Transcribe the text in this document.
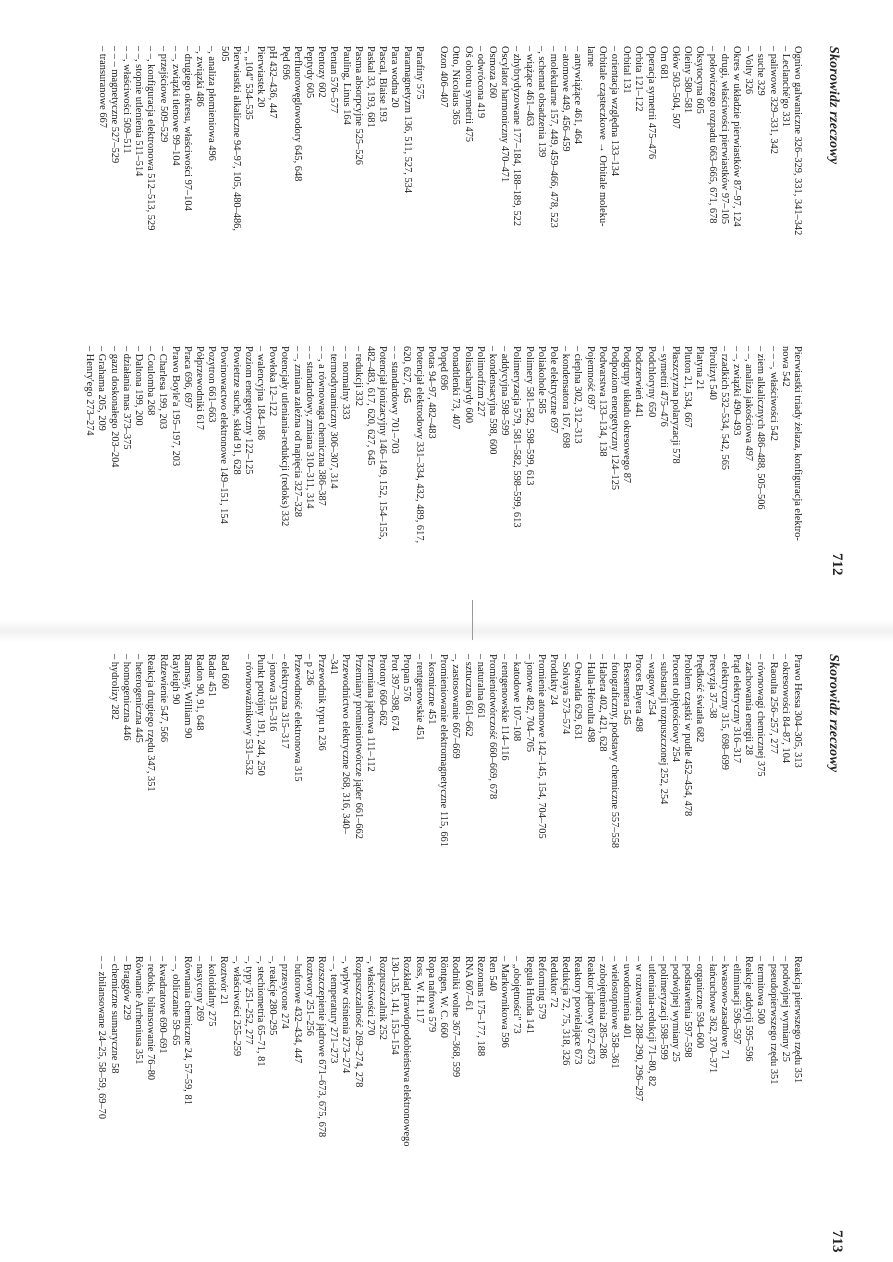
Skorowidz rzeczowy
712
Ogniwo galwaniczne 326–329, 331, 341–342
– Leclanché'go 331
– paliwowe 329–331, 342
– suche 329
– Volty 326
Okres w układzie pierwiastków 87–97, 124
– drugi, właściwości pierwiastków 97–105
– połowiczego rozpadu 663–665, 671, 678
Oksytocyna 605
Oleiny 580–581
Ołów 503–504, 507
Om 681
Operacja symetrii 475–476
Orbita 121–122
Orbital 131
– orientacja względna 133–134
Orbitale cząsteczkowe → Orbitale moleku-
larne
– antywiążące 461, 464
– atomowe 449, 456–459
– molekularne 157, 449, 459–466, 478, 523
–, schemat obsadzenia 139
– wiążące 461–463
– zhybrydyzowane 177–184, 188–189, 522
Oscylator harmoniczny 470–471
Osmoza 260
– odwrócona 419
Oś obrotu symetrii 475
Otto, Nicolaus 365
Ozon 406–407
Parafiny 575
Paramagnetyzm 136, 511, 527, 534
Para wodna 20
Pascal, Blaise 193
Paskal 33, 193, 681
Pasma absorpcyjne 525–526
Pauling, Linus 164
Pentan 576–577
Pentozy 602
Peptydy 605
Perfluorowęglowodory 645, 648
Pęd 696
pH 432–436, 447
Pierwiastek 20
–, „104" 534–535
Pierwiastki alkaliczne 94–97, 105, 480–486,
505
–, analiza płomieniowa 496
–, związki 486
– drugiego okresu, właściwości 97–104
– –, związki tlenowe 99–104
– przejściowe 509–529
– –, konfiguracja elektronowa 512–513, 529
– –, stopnie utlenienia 511–514
– –, właściwości 509–511
– – – magnetyczne 527–529
– transuranowe 667
Pierwiastki triady żelaza, konfiguracja elektro-
nowa 542
– – –, właściwości 542
– ziem alkalicznych 486–488, 505–506
– –, analiza jakościowa 497
– –, związki 490–493
– rzadkich 532–534, 542, 565
Pirolizyt 540
Platyna 21
Pluton 21, 534, 667
Płaszczyzna polaryzacji 578
– symetrii 475–476
Podchloryny 650
Podczerwień 441
Podgrupy układu okresowego 87
Podpoziom energetyczny 124–125
Podwarstwa 133–134, 138
Pojemność 697
– cieplna 302, 312–313
– kondensatora 167, 698
Pole elektryczne 697
Poliakohole 585
Polimery 581–582, 598–599, 613
Polimeryzacja 579, 581–582, 598–599, 613
– addycyjna 598–599
– kondensacyjna 598, 600
Polimorfizm 227
Polisacharydy 600
Ponadtlenki 73, 407
Popęd 696
Potas 94–97, 482–483
Potencjał elektrodowy 331–334, 432, 489, 617,
620, 627, 645
– – standardowy 701–703
Potencjał jonizacyjny 146–149, 152, 154–155,
482–483, 617, 620, 627, 645
– redukcji 332
– – normalny 333
– termodynamiczny 306–307, 314
– –, a równowaga chemiczna 386–387
– – standardowy, zmiana 310–311, 314
– –, zmiana zależna od napięcia 327–328
Potencjały utleniania-redukcji (redoks) 332
Powłoka 12–122
– walencyjna 184–186
Poziom energetyczny 122–125
Powietrze suche, skład 91, 628
Powinowactwo elektronowe 149–151, 154
Pozytron 661–663
Półprzewodniki 617
Praca 696, 697
Prawo Boyle'a 195–197, 203
– Charlesa 199, 203
– Coulomba 268
– Daltona 199, 200
– działania mas 373–375
– gazu doskonałego 203–204
– Grahama 205, 209
– Henry'ego 273–274
Skorowidz rzeczowy
713
Prawo Hessa 304–305, 313
– okresowości 84–87, 104
– Raoulta 256–257, 277
– równowagi chemicznej 375
– zachowania energii 28
Prąd elektryczny 316–317
– elektryczny 315, 698–699
Precyzja 37–38
Prędkość światła 682
Problem cząstki w pudle 452–454, 478
Procent objętościowy 254
– substancji rozpuszczonej 252, 254
– wagowy 254
Proces Bayera 498
– Bessemera 545
– fotograficzny, podstawy chemiczne 557–558
– Habera 402, 421, 628
– Halla-Héroulta 498
– Ostwalda 629, 631
– Solvaya 573–574
Produkty 24
Promienie atomowe 142–145, 154, 704–705
– jonowe 482, 704–705
– katodowe 107–108
– rentgenowskie 114–116
Promieniotwórczość 660–669, 678
– naturalna 661
– sztuczna 661–662
–, zastosowanie 667–669
Promieniowanie elektromagnetyczne 115, 661
– kosmiczne 451
– rentgenowskie 451
Propan 576
Prot 397–398, 674
Protony 660–662
Przemiana jądrowa 111–112
Przemiany promieniotwórcze jąder 661–662
Przewodnictwo elektryczne 268, 316, 340–
–341
Przewodnik typu n 236
– p 236
Przewodność elektronowa 315
– elektryczna 315–317
– jonowa 315–316
Punkt potrójny 191, 244, 250
– równoważnikowy 531–532
Rad 660
Radar 451
Radon 90, 91, 648
Ramsay, William 90
Rayleigh 90
Rdzewienie 547, 566
Reakcja drugiego rzędu 347, 351
– heterogeniczna 445
– homogeniczna 446
– hydrolizy 282
Reakcja pierwszego rzędu 351
– podwójnej wymiany 25
– pseudopierwszego rzędu 351
– termitowa 500
Reakcje addycji 595–596
– eliminacji 596–597
– kwasowo-zasadowe 71
– łańcuchowe 362, 370–371
– organiczne 594–600
– podstawienia 597–598
– podwójnej wymiany 25
– polimeryzacji 598–599
– utleniania-redukcji 71–80, 82
– w roztworach 288–290, 296–297
– uwodornienia 401
– wielostopniowe 358–361
– zobojętnienia 285–286
Reaktor jądrowy 672–673
Reaktory powielające 673
Redukcja 72, 75, 318, 326
Reduktor 72
Reforming 579
Reguła Hunda 141
– „obojętności" 73
– Markownikowa 596
Ren 540
Rezonans 175–177, 188
RNA 607–61
Rodniki wolne 367–368, 599
Röntgen, W. C. 660
Ropa naftowa 579
Ross, W. H. 117
Rozkład prawdopodobieństwa elektronowego
130–135, 141, 153–154
Rozpuszczalnik 252
–, właściwości 270
Rozpuszczalność 269–274, 278
–, wpływ ciśnienia 273–274
– –, temperatury 271–273
Rozszczepienie jądrowe 671–673, 675, 678
Roztwory 251–256
– buforowe 432–434, 447
– przesycone 274
–, reakcje 280–295
–, stechiometria 65–71, 81
–, typy 251–252, 277
–, właściwości 255–259
Roztwór 21
– koloidalny 275
– nasycony 269
Równania chemiczne 24, 57–59, 81
– –, obliczanie 59–65
– kwadratowe 690–691
– redoks, bilansowanie 76–80
Równanie Arrheniusa 351
– Braggów 229
– chemiczne sumaryczne 58
– – zbilansowane 24–25, 58–59, 69–70
